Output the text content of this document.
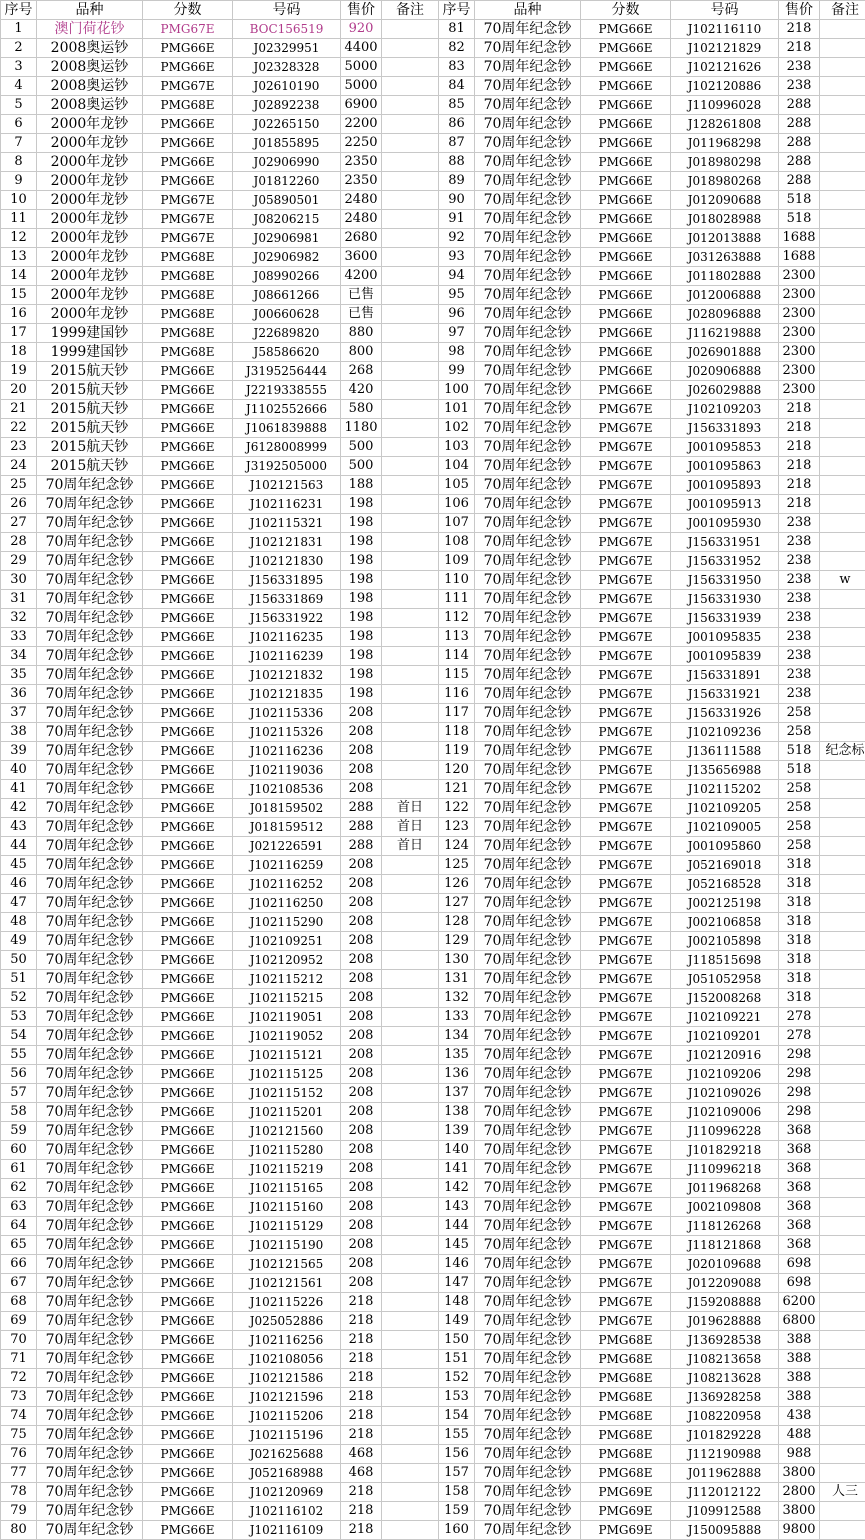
序号	品种	分数	号码	售价	备注	序号	品种	分数	号码	售价	备注
1	澳门荷花钞	PMG67E	BOC156519	920		81	70周年纪念钞	PMG66E	J102116110	218	
2	2008奥运钞	PMG66E	J02329951	4400		82	70周年纪念钞	PMG66E	J102121829	218	
3	2008奥运钞	PMG66E	J02328328	5000		83	70周年纪念钞	PMG66E	J102121626	238	
4	2008奥运钞	PMG67E	J02610190	5000		84	70周年纪念钞	PMG66E	J102120886	238	
5	2008奥运钞	PMG68E	J02892238	6900		85	70周年纪念钞	PMG66E	J110996028	288	
6	2000年龙钞	PMG66E	J02265150	2200		86	70周年纪念钞	PMG66E	J128261808	288	
7	2000年龙钞	PMG66E	J01855895	2250		87	70周年纪念钞	PMG66E	J011968298	288	
8	2000年龙钞	PMG66E	J02906990	2350		88	70周年纪念钞	PMG66E	J018980298	288	
9	2000年龙钞	PMG66E	J01812260	2350		89	70周年纪念钞	PMG66E	J018980268	288	
10	2000年龙钞	PMG67E	J05890501	2480		90	70周年纪念钞	PMG66E	J012090688	518	
11	2000年龙钞	PMG67E	J08206215	2480		91	70周年纪念钞	PMG66E	J018028988	518	
12	2000年龙钞	PMG67E	J02906981	2680		92	70周年纪念钞	PMG66E	J012013888	1688	
13	2000年龙钞	PMG68E	J02906982	3600		93	70周年纪念钞	PMG66E	J031263888	1688	
14	2000年龙钞	PMG68E	J08990266	4200		94	70周年纪念钞	PMG66E	J011802888	2300	
15	2000年龙钞	PMG68E	J08661266	已售		95	70周年纪念钞	PMG66E	J012006888	2300	
16	2000年龙钞	PMG68E	J00660628	已售		96	70周年纪念钞	PMG66E	J028096888	2300	
17	1999建国钞	PMG68E	J22689820	880		97	70周年纪念钞	PMG66E	J116219888	2300	
18	1999建国钞	PMG68E	J58586620	800		98	70周年纪念钞	PMG66E	J026901888	2300	
19	2015航天钞	PMG66E	J3195256444	268		99	70周年纪念钞	PMG66E	J020906888	2300	
20	2015航天钞	PMG66E	J2219338555	420		100	70周年纪念钞	PMG66E	J026029888	2300	
21	2015航天钞	PMG66E	J1102552666	580		101	70周年纪念钞	PMG67E	J102109203	218	
22	2015航天钞	PMG66E	J1061839888	1180		102	70周年纪念钞	PMG67E	J156331893	218	
23	2015航天钞	PMG66E	J6128008999	500		103	70周年纪念钞	PMG67E	J001095853	218	
24	2015航天钞	PMG66E	J3192505000	500		104	70周年纪念钞	PMG67E	J001095863	218	
25	70周年纪念钞	PMG66E	J102121563	188		105	70周年纪念钞	PMG67E	J001095893	218	
26	70周年纪念钞	PMG66E	J102116231	198		106	70周年纪念钞	PMG67E	J001095913	218	
27	70周年纪念钞	PMG66E	J102115321	198		107	70周年纪念钞	PMG67E	J001095930	238	
28	70周年纪念钞	PMG66E	J102121831	198		108	70周年纪念钞	PMG67E	J156331951	238	
29	70周年纪念钞	PMG66E	J102121830	198		109	70周年纪念钞	PMG67E	J156331952	238	
30	70周年纪念钞	PMG66E	J156331895	198		110	70周年纪念钞	PMG67E	J156331950	238	w
31	70周年纪念钞	PMG66E	J156331869	198		111	70周年纪念钞	PMG67E	J156331930	238	
32	70周年纪念钞	PMG66E	J156331922	198		112	70周年纪念钞	PMG67E	J156331939	238	
33	70周年纪念钞	PMG66E	J102116235	198		113	70周年纪念钞	PMG67E	J001095835	238	
34	70周年纪念钞	PMG66E	J102116239	198		114	70周年纪念钞	PMG67E	J001095839	238	
35	70周年纪念钞	PMG66E	J102121832	198		115	70周年纪念钞	PMG67E	J156331891	238	
36	70周年纪念钞	PMG66E	J102121835	198		116	70周年纪念钞	PMG67E	J156331921	238	
37	70周年纪念钞	PMG66E	J102115336	208		117	70周年纪念钞	PMG67E	J156331926	258	
38	70周年纪念钞	PMG66E	J102115326	208		118	70周年纪念钞	PMG67E	J102109236	258	
39	70周年纪念钞	PMG66E	J102116236	208		119	70周年纪念钞	PMG67E	J136111588	518	纪念标
40	70周年纪念钞	PMG66E	J102119036	208		120	70周年纪念钞	PMG67E	J135656988	518	
41	70周年纪念钞	PMG66E	J102108536	208		121	70周年纪念钞	PMG67E	J102115202	258	
42	70周年纪念钞	PMG66E	J018159502	288	首日	122	70周年纪念钞	PMG67E	J102109205	258	
43	70周年纪念钞	PMG66E	J018159512	288	首日	123	70周年纪念钞	PMG67E	J102109005	258	
44	70周年纪念钞	PMG66E	J021226591	288	首日	124	70周年纪念钞	PMG67E	J001095860	258	
45	70周年纪念钞	PMG66E	J102116259	208		125	70周年纪念钞	PMG67E	J052169018	318	
46	70周年纪念钞	PMG66E	J102116252	208		126	70周年纪念钞	PMG67E	J052168528	318	
47	70周年纪念钞	PMG66E	J102116250	208		127	70周年纪念钞	PMG67E	J002125198	318	
48	70周年纪念钞	PMG66E	J102115290	208		128	70周年纪念钞	PMG67E	J002106858	318	
49	70周年纪念钞	PMG66E	J102109251	208		129	70周年纪念钞	PMG67E	J002105898	318	
50	70周年纪念钞	PMG66E	J102120952	208		130	70周年纪念钞	PMG67E	J118515698	318	
51	70周年纪念钞	PMG66E	J102115212	208		131	70周年纪念钞	PMG67E	J051052958	318	
52	70周年纪念钞	PMG66E	J102115215	208		132	70周年纪念钞	PMG67E	J152008268	318	
53	70周年纪念钞	PMG66E	J102119051	208		133	70周年纪念钞	PMG67E	J102109221	278	
54	70周年纪念钞	PMG66E	J102119052	208		134	70周年纪念钞	PMG67E	J102109201	278	
55	70周年纪念钞	PMG66E	J102115121	208		135	70周年纪念钞	PMG67E	J102120916	298	
56	70周年纪念钞	PMG66E	J102115125	208		136	70周年纪念钞	PMG67E	J102109206	298	
57	70周年纪念钞	PMG66E	J102115152	208		137	70周年纪念钞	PMG67E	J102109026	298	
58	70周年纪念钞	PMG66E	J102115201	208		138	70周年纪念钞	PMG67E	J102109006	298	
59	70周年纪念钞	PMG66E	J102121560	208		139	70周年纪念钞	PMG67E	J110996228	368	
60	70周年纪念钞	PMG66E	J102115280	208		140	70周年纪念钞	PMG67E	J101829218	368	
61	70周年纪念钞	PMG66E	J102115219	208		141	70周年纪念钞	PMG67E	J110996218	368	
62	70周年纪念钞	PMG66E	J102115165	208		142	70周年纪念钞	PMG67E	J011968268	368	
63	70周年纪念钞	PMG66E	J102115160	208		143	70周年纪念钞	PMG67E	J002109808	368	
64	70周年纪念钞	PMG66E	J102115129	208		144	70周年纪念钞	PMG67E	J118126268	368	
65	70周年纪念钞	PMG66E	J102115190	208		145	70周年纪念钞	PMG67E	J118121868	368	
66	70周年纪念钞	PMG66E	J102121565	208		146	70周年纪念钞	PMG67E	J020109688	698	
67	70周年纪念钞	PMG66E	J102121561	208		147	70周年纪念钞	PMG67E	J012209088	698	
68	70周年纪念钞	PMG66E	J102115226	218		148	70周年纪念钞	PMG67E	J159208888	6200	
69	70周年纪念钞	PMG66E	J025052886	218		149	70周年纪念钞	PMG67E	J019628888	6800	
70	70周年纪念钞	PMG66E	J102116256	218		150	70周年纪念钞	PMG68E	J136928538	388	
71	70周年纪念钞	PMG66E	J102108056	218		151	70周年纪念钞	PMG68E	J108213658	388	
72	70周年纪念钞	PMG66E	J102121586	218		152	70周年纪念钞	PMG68E	J108213628	388	
73	70周年纪念钞	PMG66E	J102121596	218		153	70周年纪念钞	PMG68E	J136928258	388	
74	70周年纪念钞	PMG66E	J102115206	218		154	70周年纪念钞	PMG68E	J108220958	438	
75	70周年纪念钞	PMG66E	J102115196	218		155	70周年纪念钞	PMG68E	J101829228	488	
76	70周年纪念钞	PMG66E	J021625688	468		156	70周年纪念钞	PMG68E	J112190988	988	
77	70周年纪念钞	PMG66E	J052168988	468		157	70周年纪念钞	PMG68E	J011962888	3800	
78	70周年纪念钞	PMG66E	J102120969	218		158	70周年纪念钞	PMG69E	J112012122	2800	人三
79	70周年纪念钞	PMG66E	J102116102	218		159	70周年纪念钞	PMG69E	J109912588	3800	
80	70周年纪念钞	PMG66E	J102116109	218		160	70周年纪念钞	PMG69E	J150095888	9800	
